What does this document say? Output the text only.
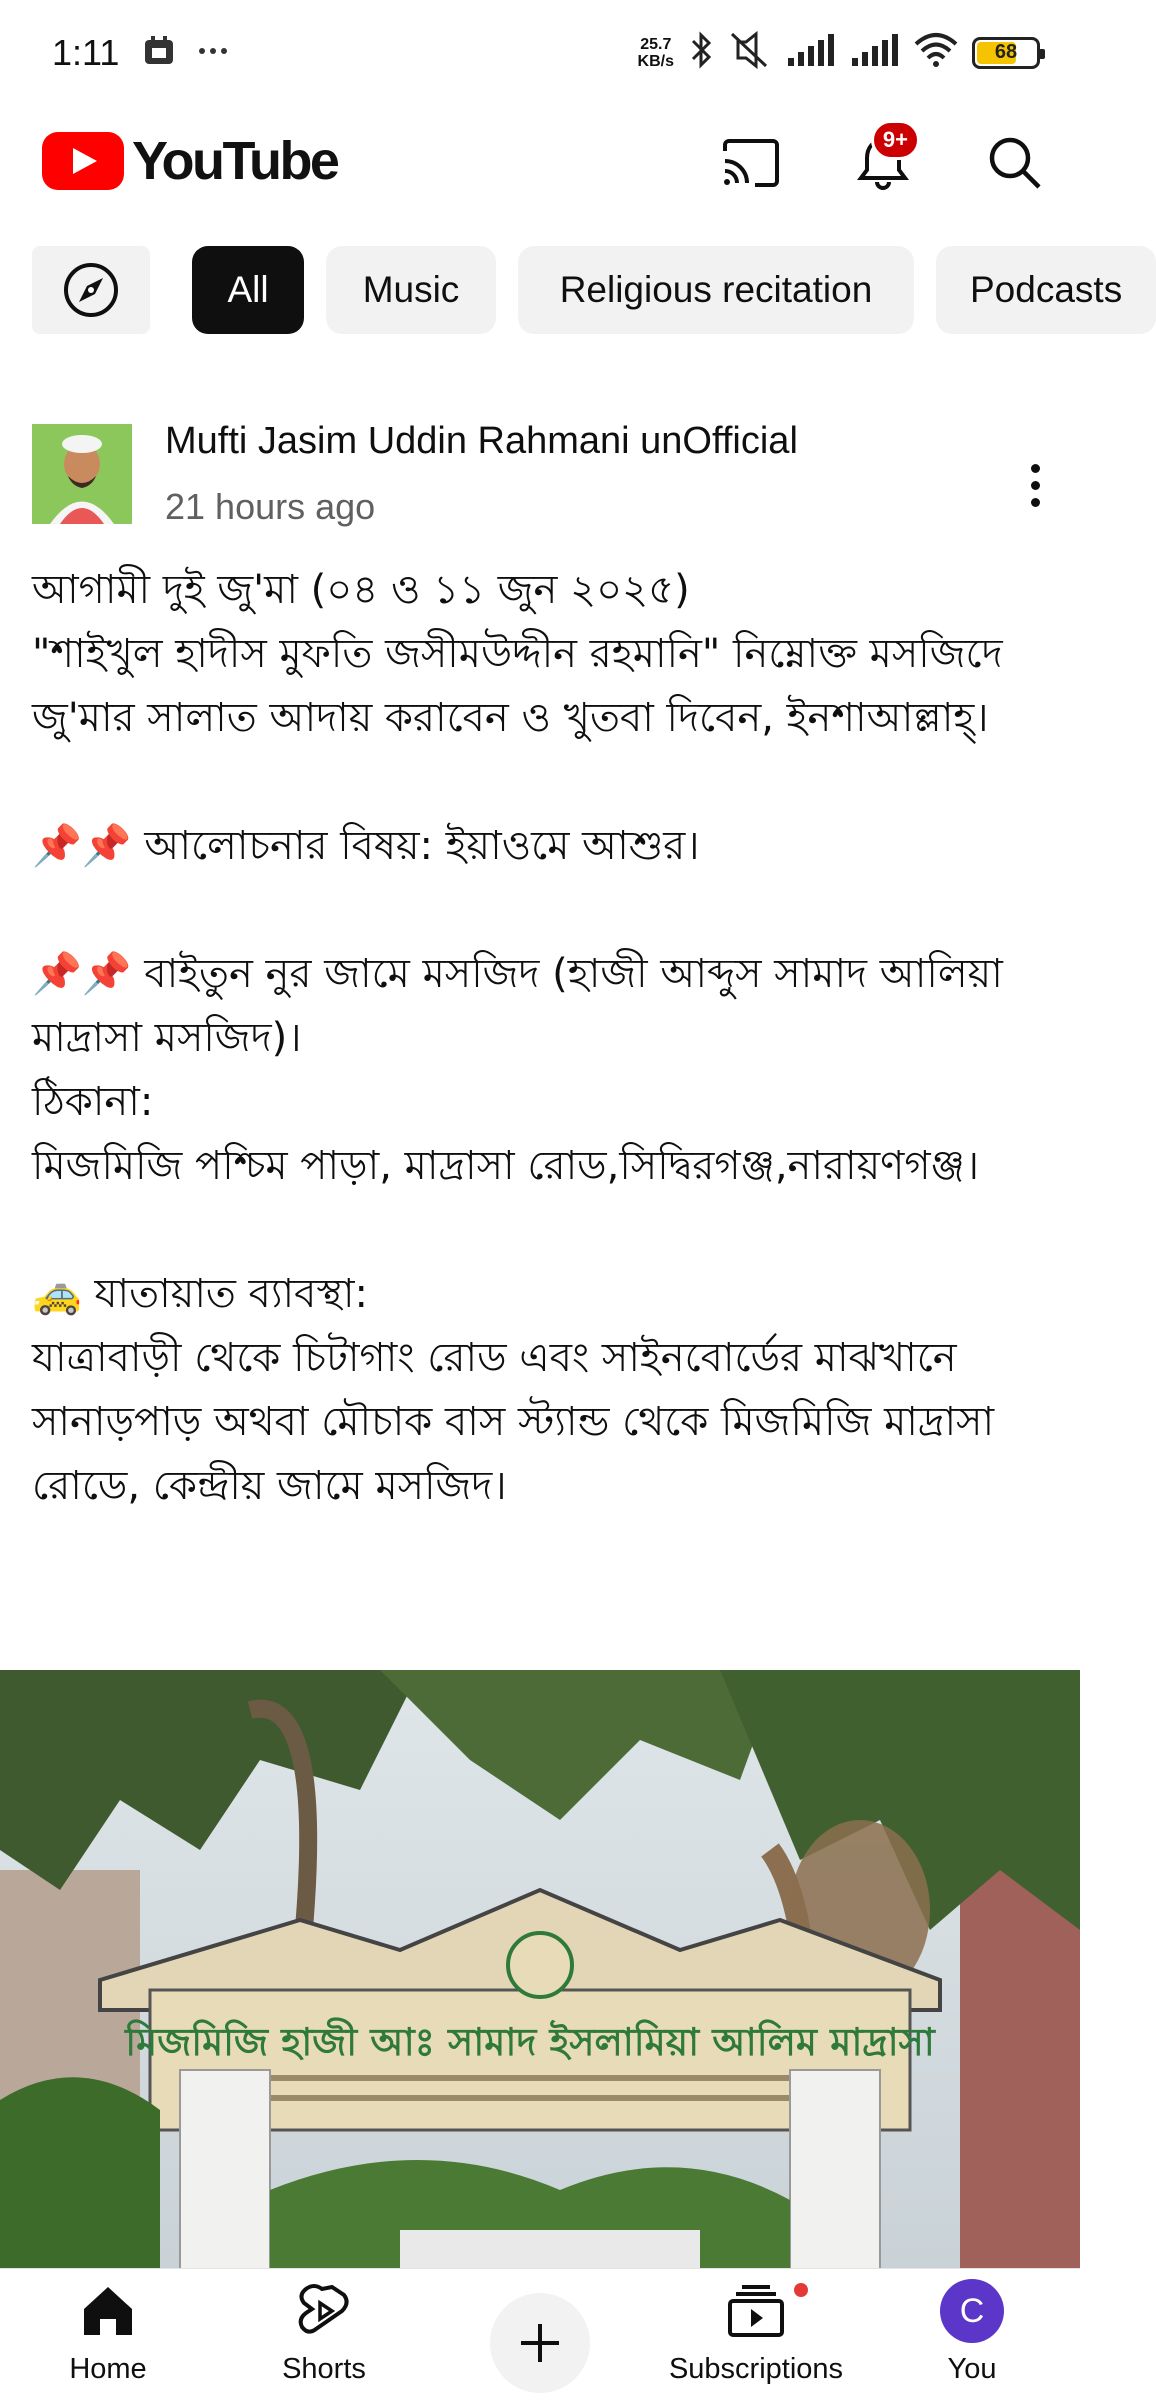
1:11	25.7
KB/s	68
YouTube	9+
All	Music	Religious recitation	Podcasts
Mufti Jasim Uddin Rahmani unOfficial
21 hours ago

আগামী দুই জু'মা (০৪ ও ১১ জুন ২০২৫)

"শাইখুল হাদীস মুফতি জসীমউদ্দীন রহমানি" নিম্নোক্ত মসজিদে জু'মার সালাত আদায় করাবেন ও খুতবা দিবেন, ইনশাআল্লাহ্।

📌📌 আলোচনার বিষয়: ইয়াওমে আশুর।

📌📌 বাইতুন নুর জামে মসজিদ (হাজী আব্দুস সামাদ আলিয়া মাদ্রাসা মসজিদ)।

ঠিকানা:

মিজমিজি পশ্চিম পাড়া, মাদ্রাসা রোড,সিদ্বিরগঞ্জ,নারায়ণগঞ্জ।

🚕 যাতায়াত ব্যাবস্থা:

যাত্রাবাড়ী থেকে চিটাগাং রোড এবং সাইনবোর্ডের মাঝখানে সানাড়পাড় অথবা মৌচাক বাস স্ট্যান্ড থেকে মিজমিজি মাদ্রাসা রোডে, কেন্দ্রীয় জামে মসজিদ।

মিজমিজি হাজী আঃ সামাদ ইসলামিয়া আলিম মাদ্রাসা
Home	Shorts	Subscriptions
C
You
